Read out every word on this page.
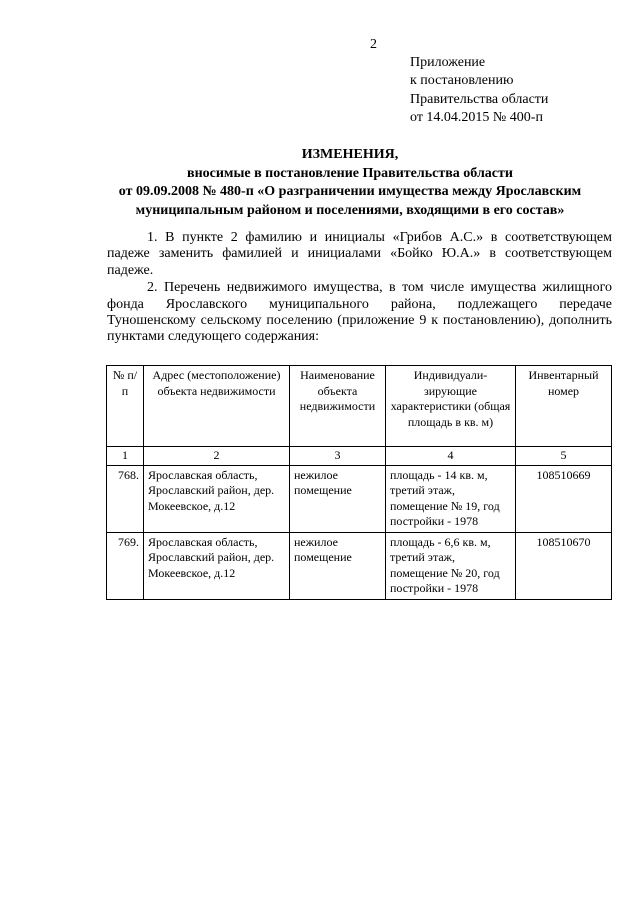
2
Приложение
к постановлению
Правительства области
от 14.04.2015 № 400-п
ИЗМЕНЕНИЯ,
вносимые в постановление Правительства области
от 09.09.2008 № 480-п «О разграничении имущества между Ярославским
муниципальным районом и поселениями, входящими в его состав»

1. В пункте 2 фамилию и инициалы «Грибов А.С.» в соответствующем падеже заменить фамилией и инициалами «Бойко Ю.А.» в соответствующем падеже.

2. Перечень недвижимого имущества, в том числе имущества жилищного фонда Ярославского муниципального района, подлежащего передаче Туношенскому сельскому поселению (приложение 9 к постановлению), дополнить пунктами следующего содержания:

№ п/п	Адрес (местоположение) объекта недвижимости	Наименование объекта недвижимости	Индивидуали-зирующие характеристики (общая площадь в кв. м)	Инвентарный номер
1	2	3	4	5
768.	Ярославская область, Ярославский район, дер. Мокеевское, д.12	нежилое помещение	площадь - 14 кв. м, третий этаж, помещение № 19, год постройки - 1978	108510669
769.	Ярославская область, Ярославский район, дер. Мокеевское, д.12	нежилое помещение	площадь - 6,6 кв. м, третий этаж, помещение № 20, год постройки - 1978	108510670
